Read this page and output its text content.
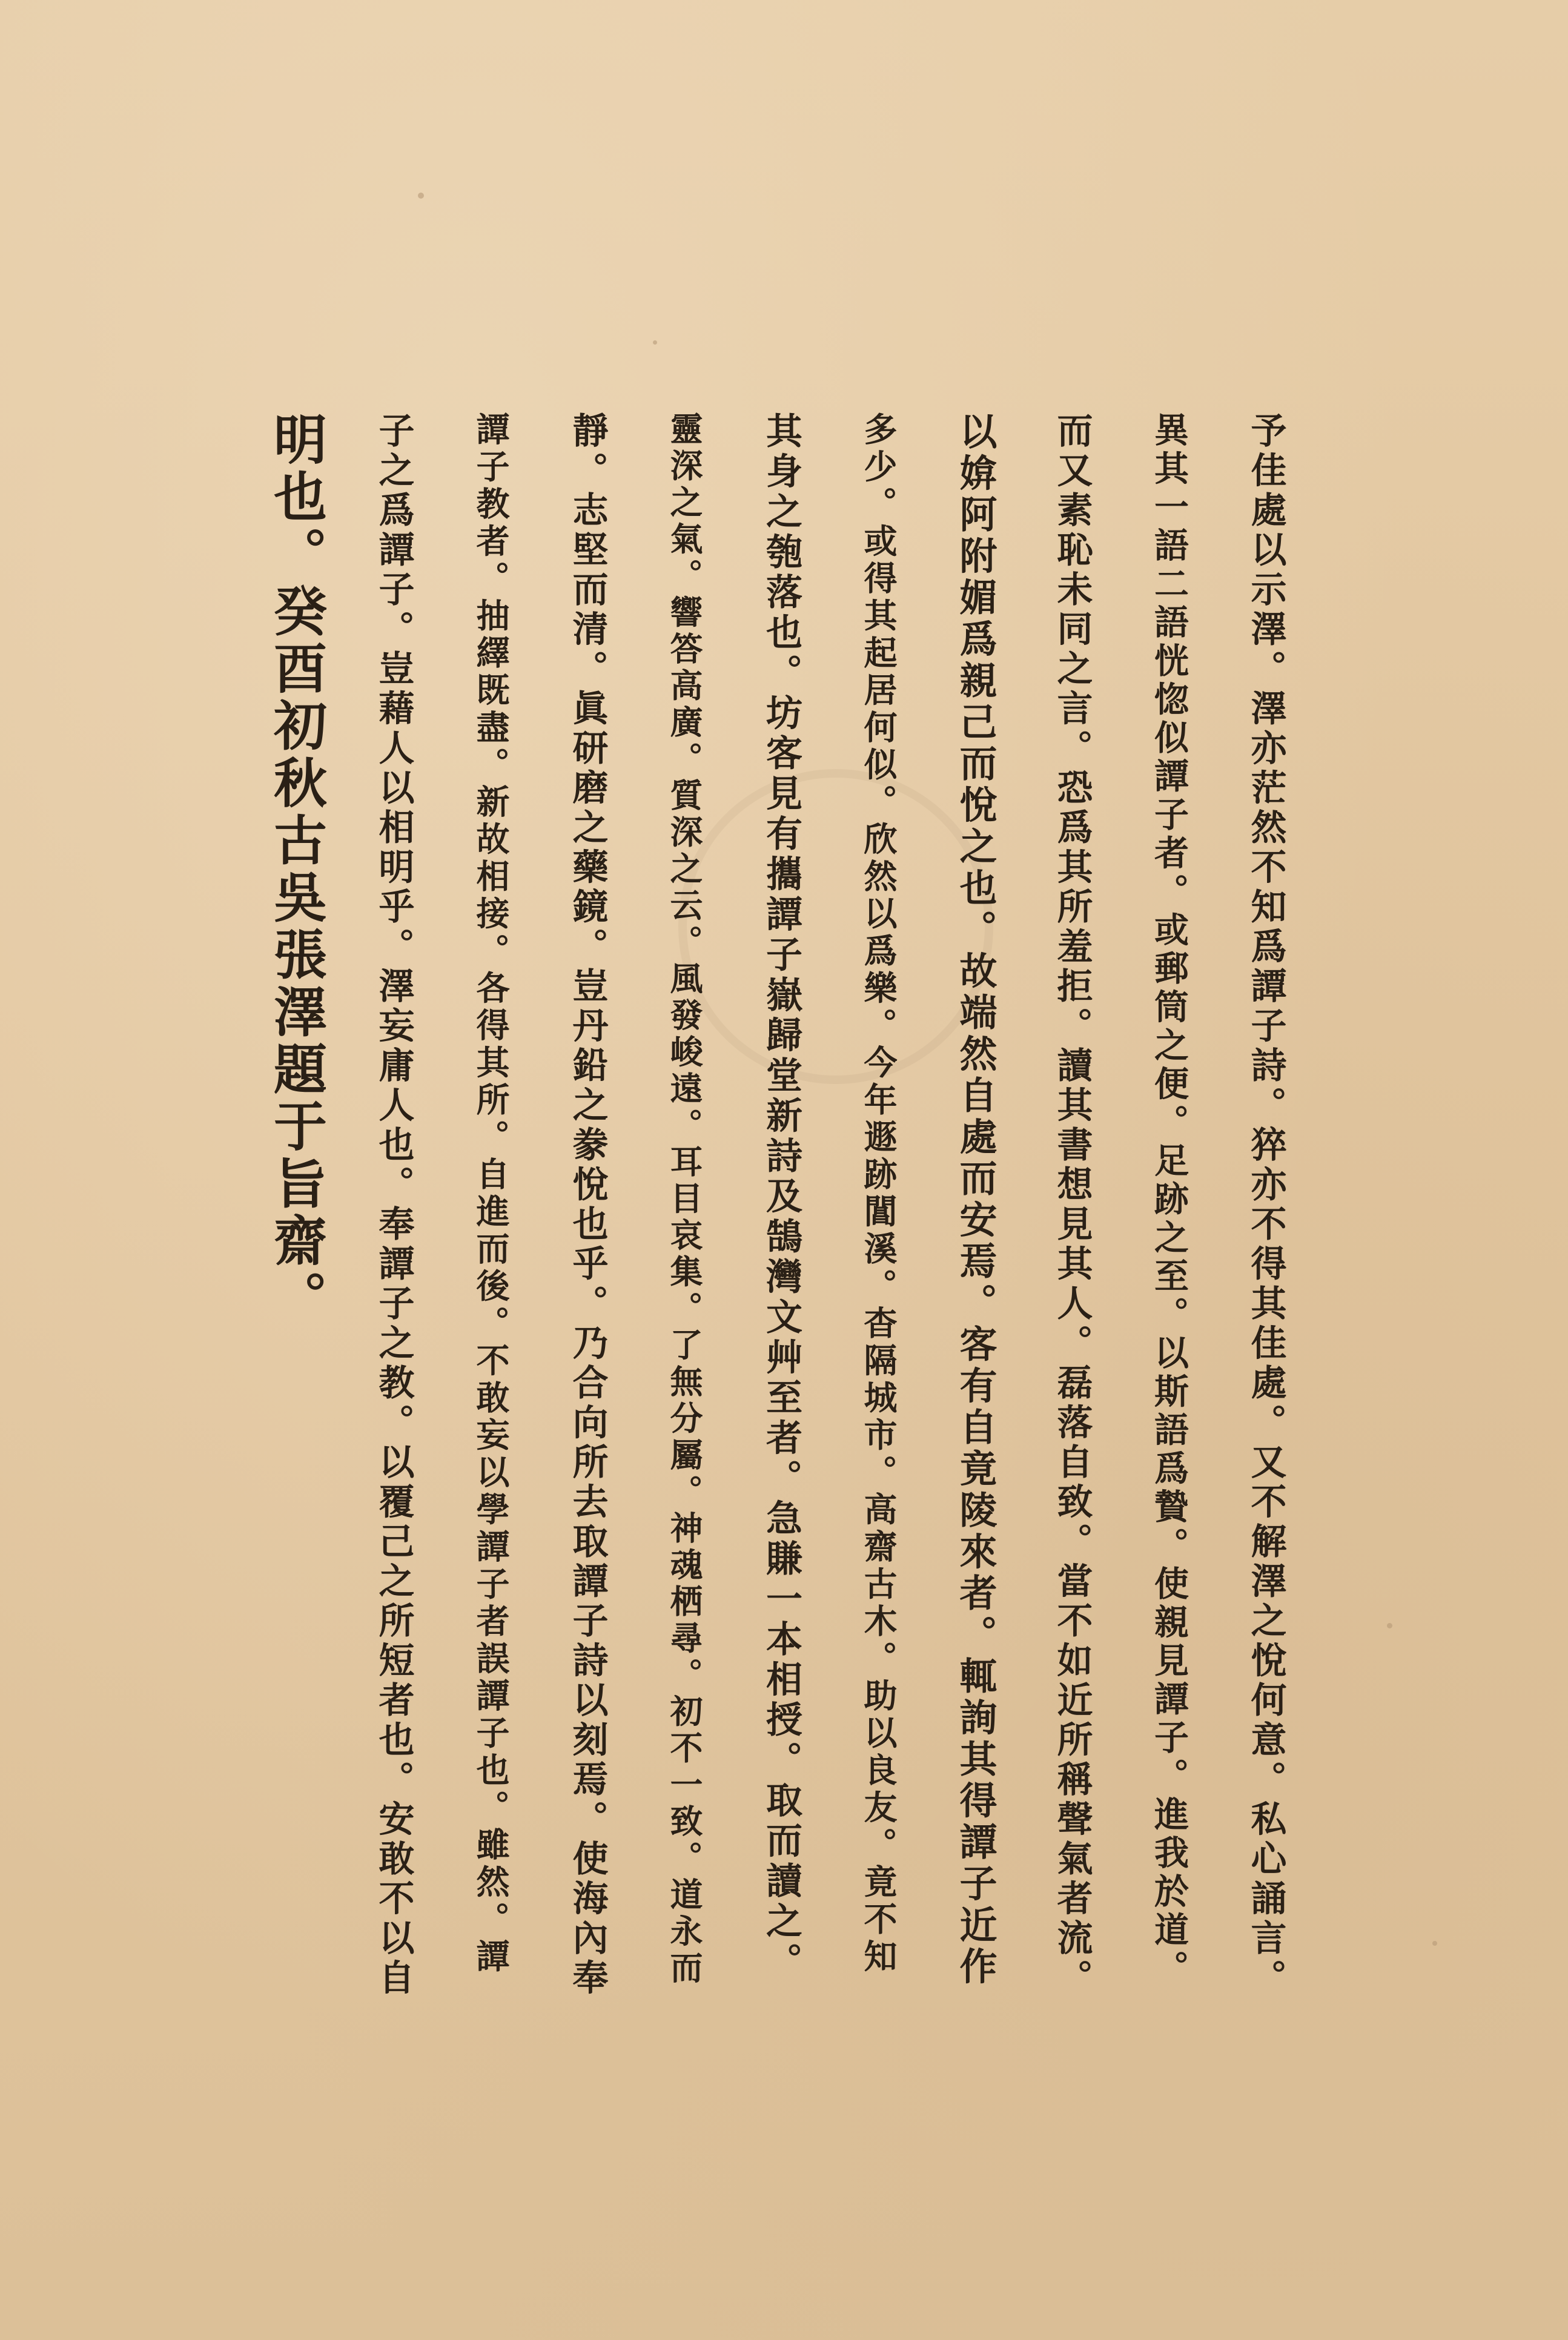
予佳處以示澤。澤亦茫然不知爲譚子詩。猝亦不得其佳處。又不解澤之悅何意。私心誦言。
異其一語二語恍惚似譚子者。或郵筒之便。足跡之至。以斯語爲贄。使親見譚子。進我於道。
而又素恥未同之言。恐爲其所羞拒。讀其書想見其人。磊落自致。當不如近所稱聲氣者流。
以媕阿附媚爲親己而悅之也。故端然自處而安焉。客有自竟陵來者。輒詢其得譚子近作
多少。或得其起居何似。欣然以爲樂。今年遯跡閶溪。杳隔城市。高齋古木。助以良友。竟不知
其身之匏落也。坊客見有攜譚子嶽歸堂新詩及鵠灣文艸至者。急賺一本相授。取而讀之。
靈深之氣。響答高廣。質深之云。風發峻遠。耳目哀集。了無分屬。神魂栖尋。初不一致。道永而
靜。志堅而清。眞研磨之藥鏡。豈丹鉛之豢悅也乎。乃合向所去取譚子詩以刻焉。使海內奉
譚子教者。抽繹既盡。新故相接。各得其所。自進而後。不敢妄以學譚子者誤譚子也。雖然。譚
子之爲譚子。豈藉人以相明乎。澤妄庸人也。奉譚子之教。以覆己之所短者也。安敢不以自
明也。癸酉初秋古吳張澤題于旨齋。
